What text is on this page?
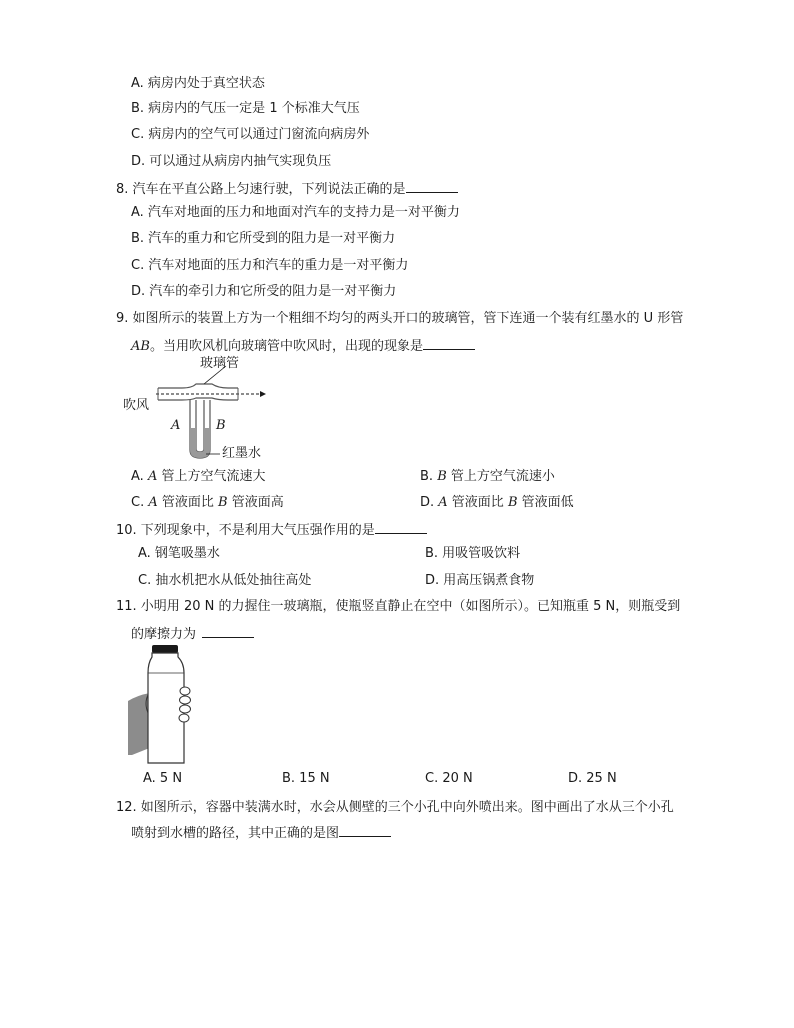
A. 病房内处于真空状态
B. 病房内的气压一定是 1 个标准大气压
C. 病房内的空气可以通过门窗流向病房外
D. 可以通过从病房内抽气实现负压
8. 汽车在平直公路上匀速行驶，下列说法正确的是
A. 汽车对地面的压力和地面对汽车的支持力是一对平衡力
B. 汽车的重力和它所受到的阻力是一对平衡力
C. 汽车对地面的压力和汽车的重力是一对平衡力
D. 汽车的牵引力和它所受的阻力是一对平衡力
9. 如图所示的装置上方为一个粗细不均匀的两头开口的玻璃管，管下连通一个装有红墨水的 U 形管
AB。当用吹风机向玻璃管中吹风时，出现的现象是
玻璃管
吹风
A	B
红墨水
A. A 管上方空气流速大	B. B 管上方空气流速小
C. A 管液面比 B 管液面高	D. A 管液面比 B 管液面低
10. 下列现象中，不是利用大气压强作用的是
A. 钢笔吸墨水	B. 用吸管吸饮料
C. 抽水机把水从低处抽往高处	D. 用高压锅煮食物
11. 小明用 20 N 的力握住一玻璃瓶，使瓶竖直静止在空中（如图所示）。已知瓶重 5 N，则瓶受到
的摩擦力为
A. 5 N	B. 15 N	C. 20 N	D. 25 N
12. 如图所示，容器中装满水时，水会从侧壁的三个小孔中向外喷出来。图中画出了水从三个小孔
喷射到水槽的路径，其中正确的是图
